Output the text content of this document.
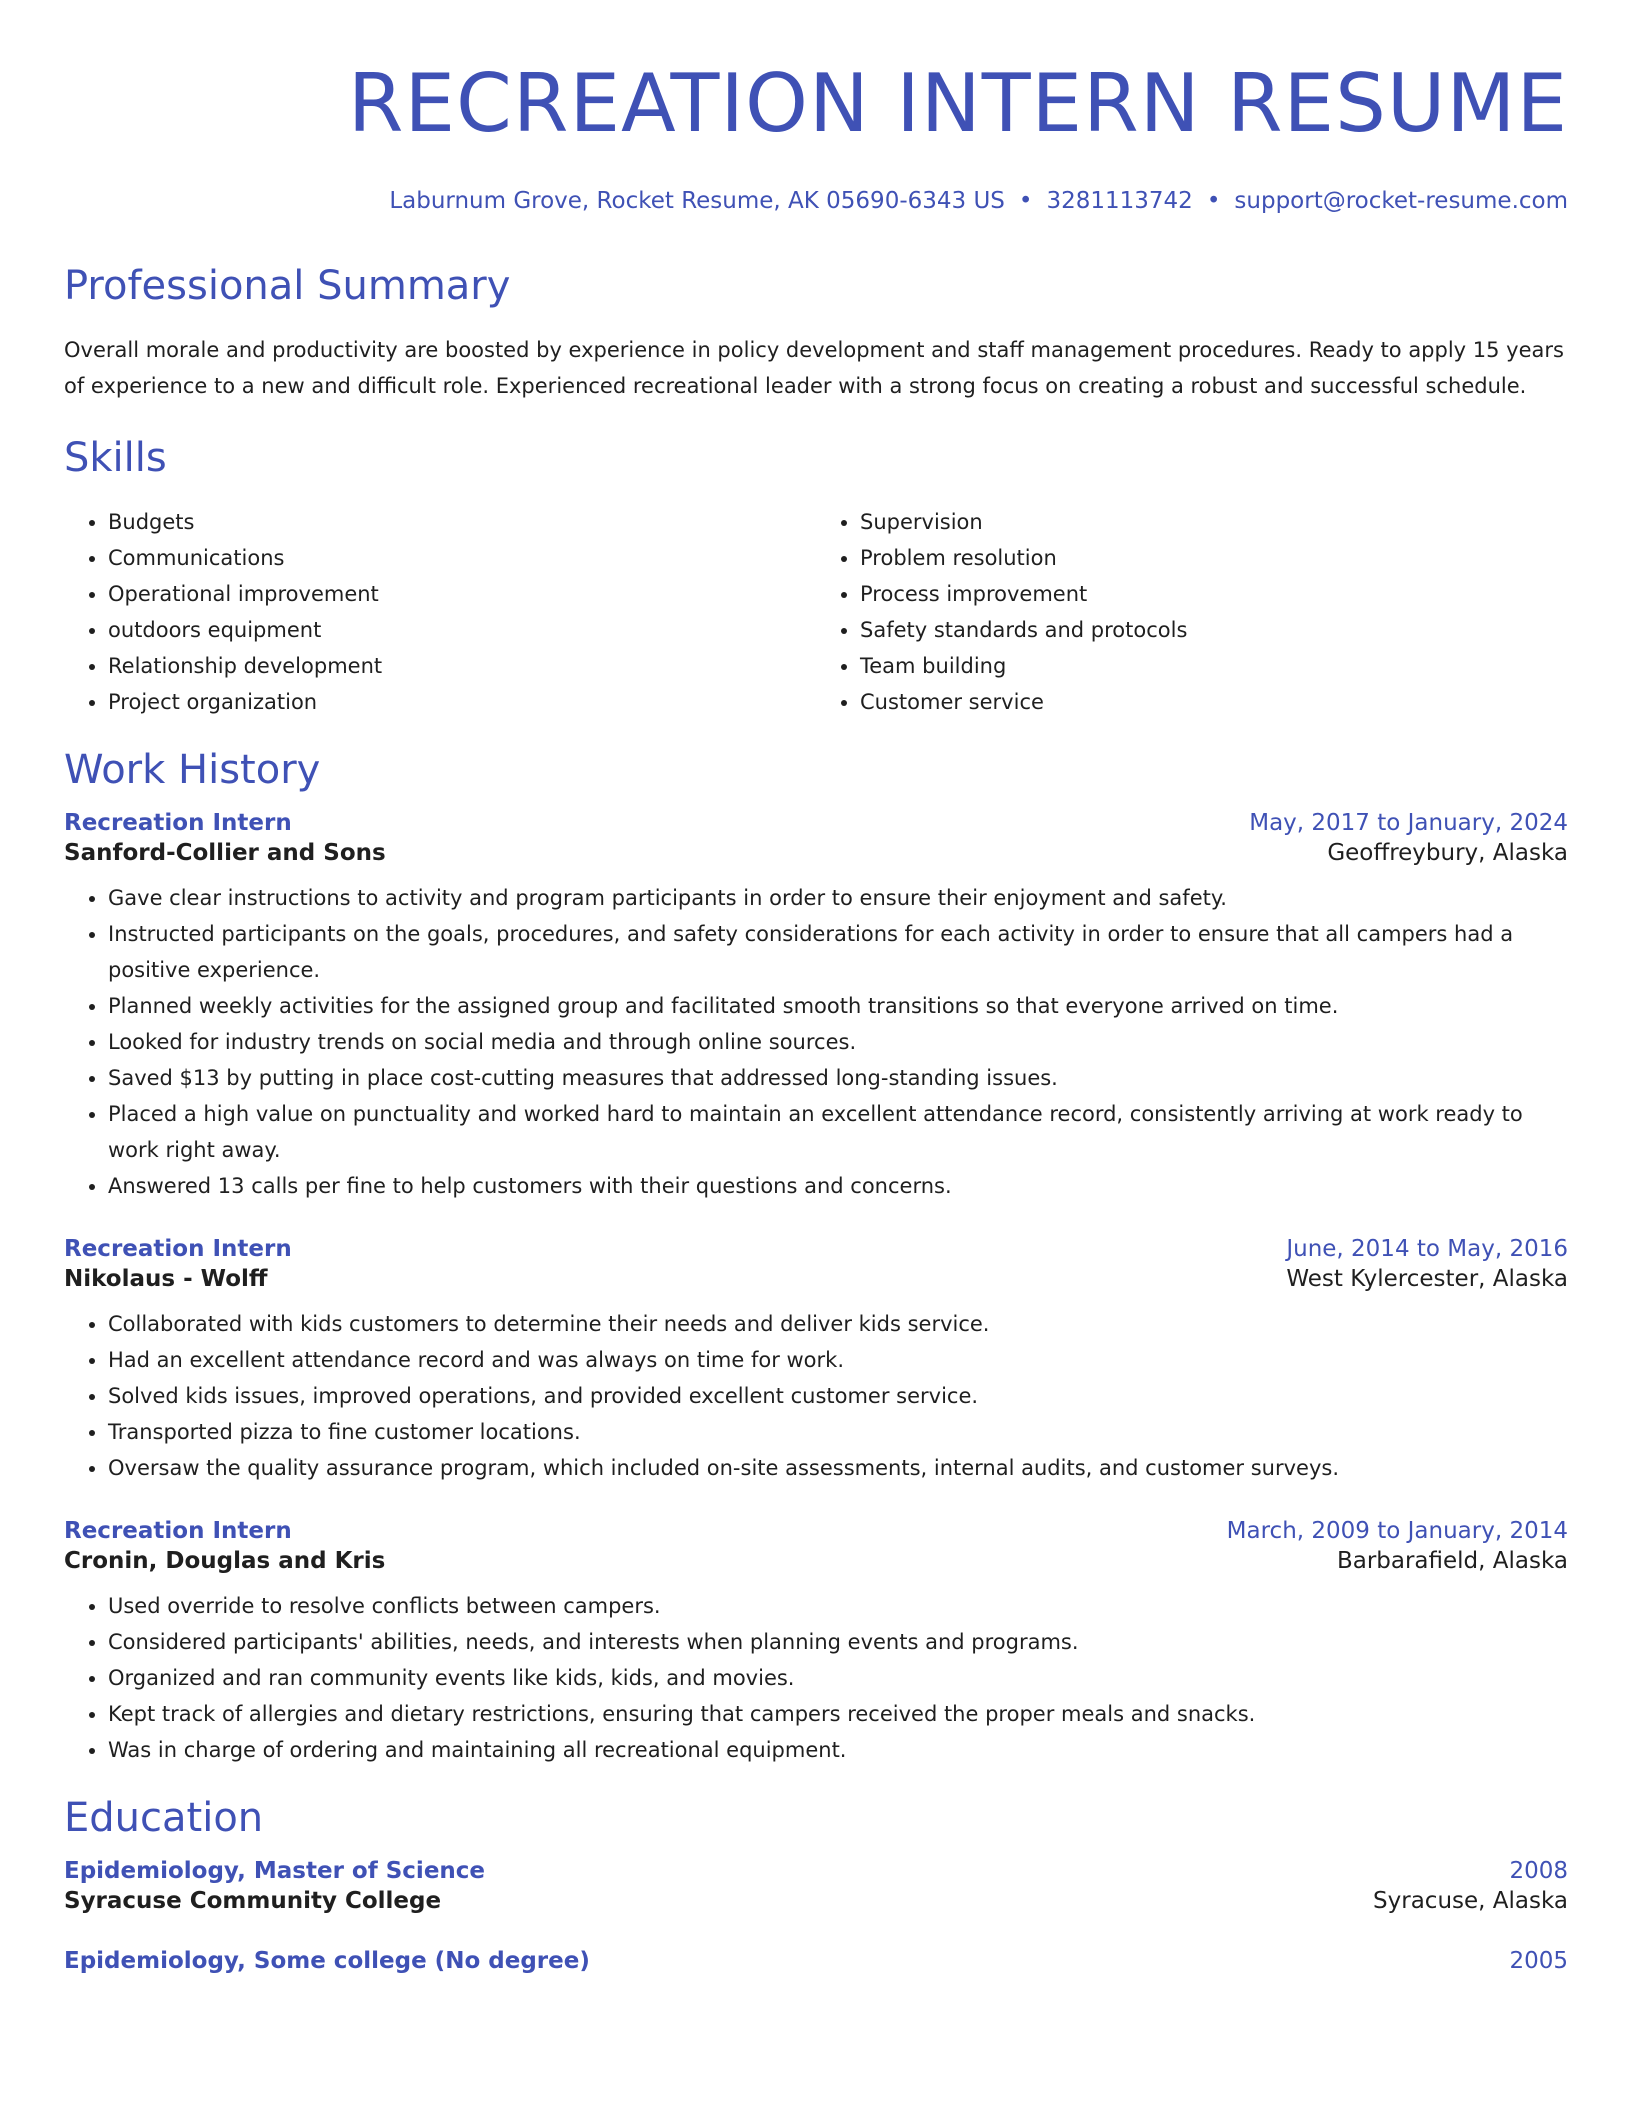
RECREATION INTERN RESUME
Laburnum Grove, Rocket Resume, AK 05690-6343 US • 3281113742 • support@rocket-resume.com
Professional Summary

Overall morale and productivity are boosted by experience in policy development and staff management procedures. Ready to apply 15 years of experience to a new and difficult role. Experienced recreational leader with a strong focus on creating a robust and successful schedule.

Skills
• Budgets
• Communications
• Operational improvement
• outdoors equipment
• Relationship development
• Project organization
• Supervision
• Problem resolution
• Process improvement
• Safety standards and protocols
• Team building
• Customer service
Work History
Recreation Intern	May, 2017 to January, 2024
Sanford-Collier and Sons	Geoffreybury, Alaska
• Gave clear instructions to activity and program participants in order to ensure their enjoyment and safety.
• Instructed participants on the goals, procedures, and safety considerations for each activity in order to ensure that all campers had a positive experience.
• Planned weekly activities for the assigned group and facilitated smooth transitions so that everyone arrived on time.
• Looked for industry trends on social media and through online sources.
• Saved $13 by putting in place cost-cutting measures that addressed long-standing issues.
• Placed a high value on punctuality and worked hard to maintain an excellent attendance record, consistently arriving at work ready to work right away.
• Answered 13 calls per fine to help customers with their questions and concerns.
Recreation Intern	June, 2014 to May, 2016
Nikolaus - Wolff	West Kylercester, Alaska
• Collaborated with kids customers to determine their needs and deliver kids service.
• Had an excellent attendance record and was always on time for work.
• Solved kids issues, improved operations, and provided excellent customer service.
• Transported pizza to fine customer locations.
• Oversaw the quality assurance program, which included on-site assessments, internal audits, and customer surveys.
Recreation Intern	March, 2009 to January, 2014
Cronin, Douglas and Kris	Barbarafield, Alaska
• Used override to resolve conflicts between campers.
• Considered participants' abilities, needs, and interests when planning events and programs.
• Organized and ran community events like kids, kids, and movies.
• Kept track of allergies and dietary restrictions, ensuring that campers received the proper meals and snacks.
• Was in charge of ordering and maintaining all recreational equipment.
Education
Epidemiology, Master of Science	2008
Syracuse Community College	Syracuse, Alaska
Epidemiology, Some college (No degree)	2005
